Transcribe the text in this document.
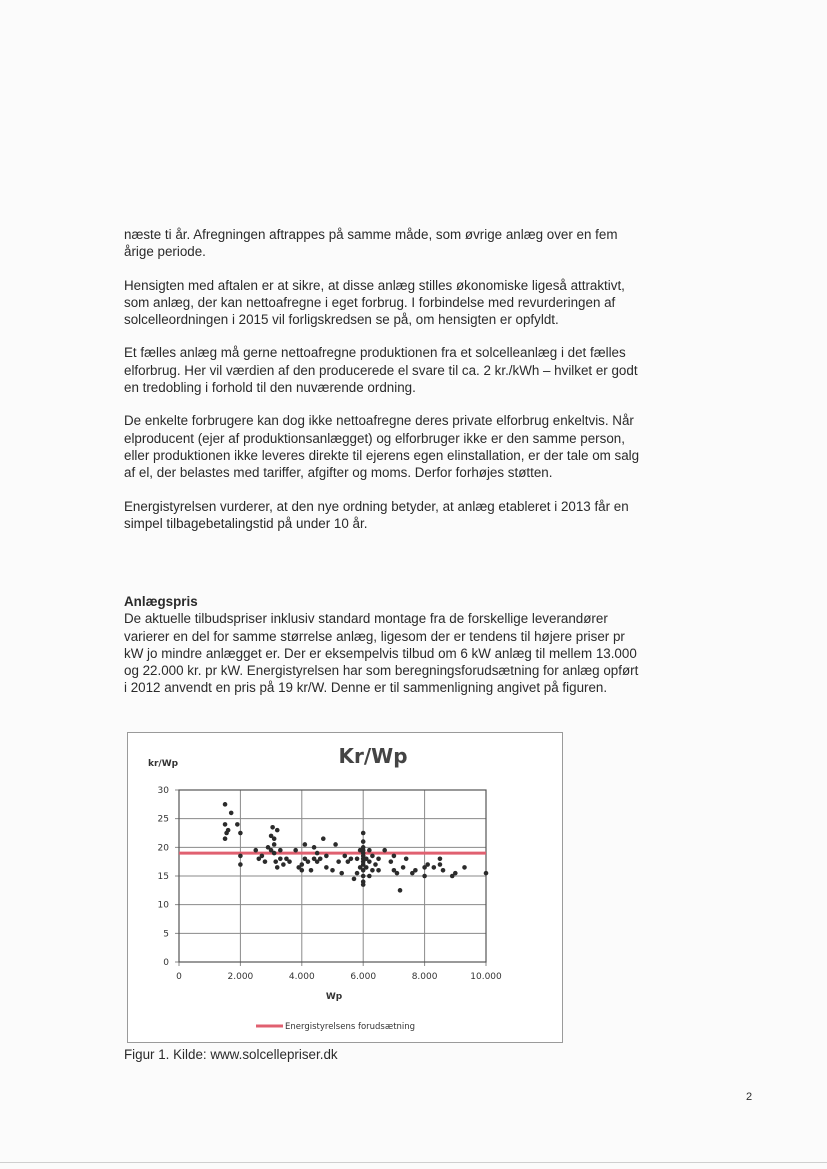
næste ti år. Afregningen aftrappes på samme måde, som øvrige anlæg over en fem årige periode.

Hensigten med aftalen er at sikre, at disse anlæg stilles økonomiske ligeså attraktivt, som anlæg, der kan nettoafregne i eget forbrug. I forbindelse med revurderingen af solcelleordningen i 2015 vil forligskredsen se på, om hensigten er opfyldt.

Et fælles anlæg må gerne nettoafregne produktionen fra et solcelleanlæg i det fælles elforbrug. Her vil værdien af den producerede el svare til ca. 2 kr./kWh – hvilket er godt en tredobling i forhold til den nuværende ordning.

De enkelte forbrugere kan dog ikke nettoafregne deres private elforbrug enkeltvis. Når elproducent (ejer af produktionsanlægget) og elforbruger ikke er den samme person, eller produktionen ikke leveres direkte til ejerens egen elinstallation, er der tale om salg af el, der belastes med tariffer, afgifter og moms. Derfor forhøjes støtten.

Energistyrelsen vurderer, at den nye ordning betyder, at anlæg etableret i 2013 får en simpel tilbagebetalingstid på under 10 år.

Anlægspris
De aktuelle tilbudspriser inklusiv standard montage fra de forskellige leverandører varierer en del for samme størrelse anlæg, ligesom der er tendens til højere priser pr kW jo mindre anlægget er. Der er eksempelvis tilbud om 6 kW anlæg til mellem 13.000 og 22.000 kr. pr kW. Energistyrelsen har som beregningsforudsætning for anlæg opført i 2012 anvendt en pris på 19 kr/W. Denne er til sammenligning angivet på figuren.
Kr/Wp
kr/Wp
Wp
0
5
10
15
20
25
30
0	2.000	4.000	6.000	8.000	10.000
Energistyrelsens forudsætning
Figur 1. Kilde: www.solcellepriser.dk
2
